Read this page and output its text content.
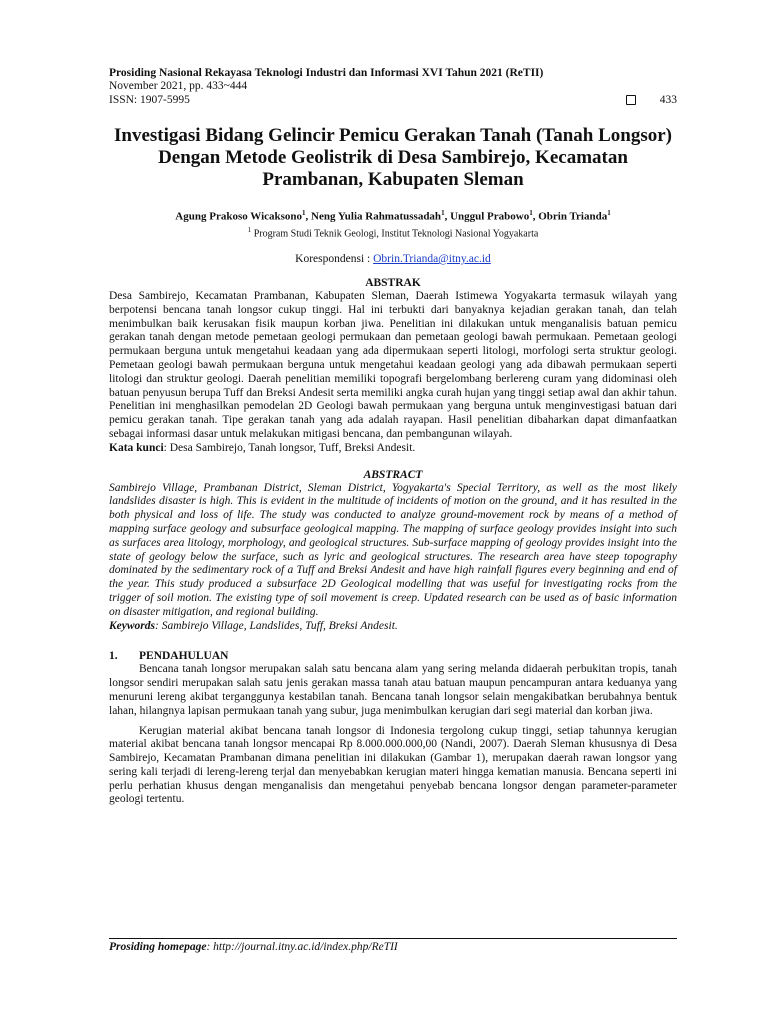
Prosiding Nasional Rekayasa Teknologi Industri dan Informasi XVI Tahun 2021 (ReTII)
November 2021, pp. 433~444
ISSN: 1907-5995	433
Investigasi Bidang Gelincir Pemicu Gerakan Tanah (Tanah Longsor) Dengan Metode Geolistrik di Desa Sambirejo, Kecamatan Prambanan, Kabupaten Sleman
Agung Prakoso Wicaksono$^1$, Neng Yulia Rahmatussadah$^1$, Unggul Prabowo$^1$, Obrin Trianda$^1$
$^1$ Program Studi Teknik Geologi, Institut Teknologi Nasional Yogyakarta
Korespondensi : Obrin.Trianda@itny.ac.id
ABSTRAK
Desa Sambirejo, Kecamatan Prambanan, Kabupaten Sleman, Daerah Istimewa Yogyakarta termasuk wilayah yang berpotensi bencana tanah longsor cukup tinggi. Hal ini terbukti dari banyaknya kejadian gerakan tanah, dan telah menimbulkan baik kerusakan fisik maupun korban jiwa. Penelitian ini dilakukan untuk menganalisis batuan pemicu gerakan tanah dengan metode pemetaan geologi permukaan dan pemetaan geologi bawah permukaan. Pemetaan geologi permukaan berguna untuk mengetahui keadaan yang ada dipermukaan seperti litologi, morfologi serta struktur geologi. Pemetaan geologi bawah permukaan berguna untuk mengetahui keadaan geologi yang ada dibawah permukaan seperti litologi dan struktur geologi. Daerah penelitian memiliki topografi bergelombang berlereng curam yang didominasi oleh batuan penyusun berupa Tuff dan Breksi Andesit serta memiliki angka curah hujan yang tinggi setiap awal dan akhir tahun. Penelitian ini menghasilkan pemodelan 2D Geologi bawah permukaan yang berguna untuk menginvestigasi batuan dari pemicu gerakan tanah. Tipe gerakan tanah yang ada adalah rayapan. Hasil penelitian dibaharkan dapat dimanfaatkan sebagai informasi dasar untuk melakukan mitigasi bencana, dan pembangunan wilayah.
Kata kunci: Desa Sambirejo, Tanah longsor, Tuff, Breksi Andesit.
ABSTRACT
Sambirejo Village, Prambanan District, Sleman District, Yogyakarta's Special Territory, as well as the most likely landslides disaster is high. This is evident in the multitude of incidents of motion on the ground, and it has resulted in the both physical and loss of life. The study was conducted to analyze ground-movement rock by means of a method of mapping surface geology and subsurface geological mapping. The mapping of surface geology provides insight into such as surfaces area litology, morphology, and geological structures. Sub-surface mapping of geology provides insight into the state of geology below the surface, such as lyric and geological structures. The research area have steep topography dominated by the sedimentary rock of a Tuff and Breksi Andesit and have high rainfall figures every beginning and end of the year. This study produced a subsurface 2D Geological modelling that was useful for investigating rocks from the trigger of soil motion. The existing type of soil movement is creep. Updated research can be used as of basic information on disaster mitigation, and regional building.
Keywords: Sambirejo Village, Landslides, Tuff, Breksi Andesit.
1. PENDAHULUAN
Bencana tanah longsor merupakan salah satu bencana alam yang sering melanda didaerah perbukitan tropis, tanah longsor sendiri merupakan salah satu jenis gerakan massa tanah atau batuan maupun pencampuran antara keduanya yang menuruni lereng akibat terganggunya kestabilan tanah. Bencana tanah longsor selain mengakibatkan berubahnya bentuk lahan, hilangnya lapisan permukaan tanah yang subur, juga menimbulkan kerugian dari segi material dan korban jiwa.
Kerugian material akibat bencana tanah longsor di Indonesia tergolong cukup tinggi, setiap tahunnya kerugian material akibat bencana tanah longsor mencapai Rp 8.000.000.000,00 (Nandi, 2007). Daerah Sleman khususnya di Desa Sambirejo, Kecamatan Prambanan dimana penelitian ini dilakukan (Gambar 1), merupakan daerah rawan longsor yang sering kali terjadi di lereng-lereng terjal dan menyebabkan kerugian materi hingga kematian manusia. Bencana seperti ini perlu perhatian khusus dengan menganalisis dan mengetahui penyebab bencana longsor dengan parameter-parameter geologi tertentu.
Prosiding homepage: http://journal.itny.ac.id/index.php/ReTII
